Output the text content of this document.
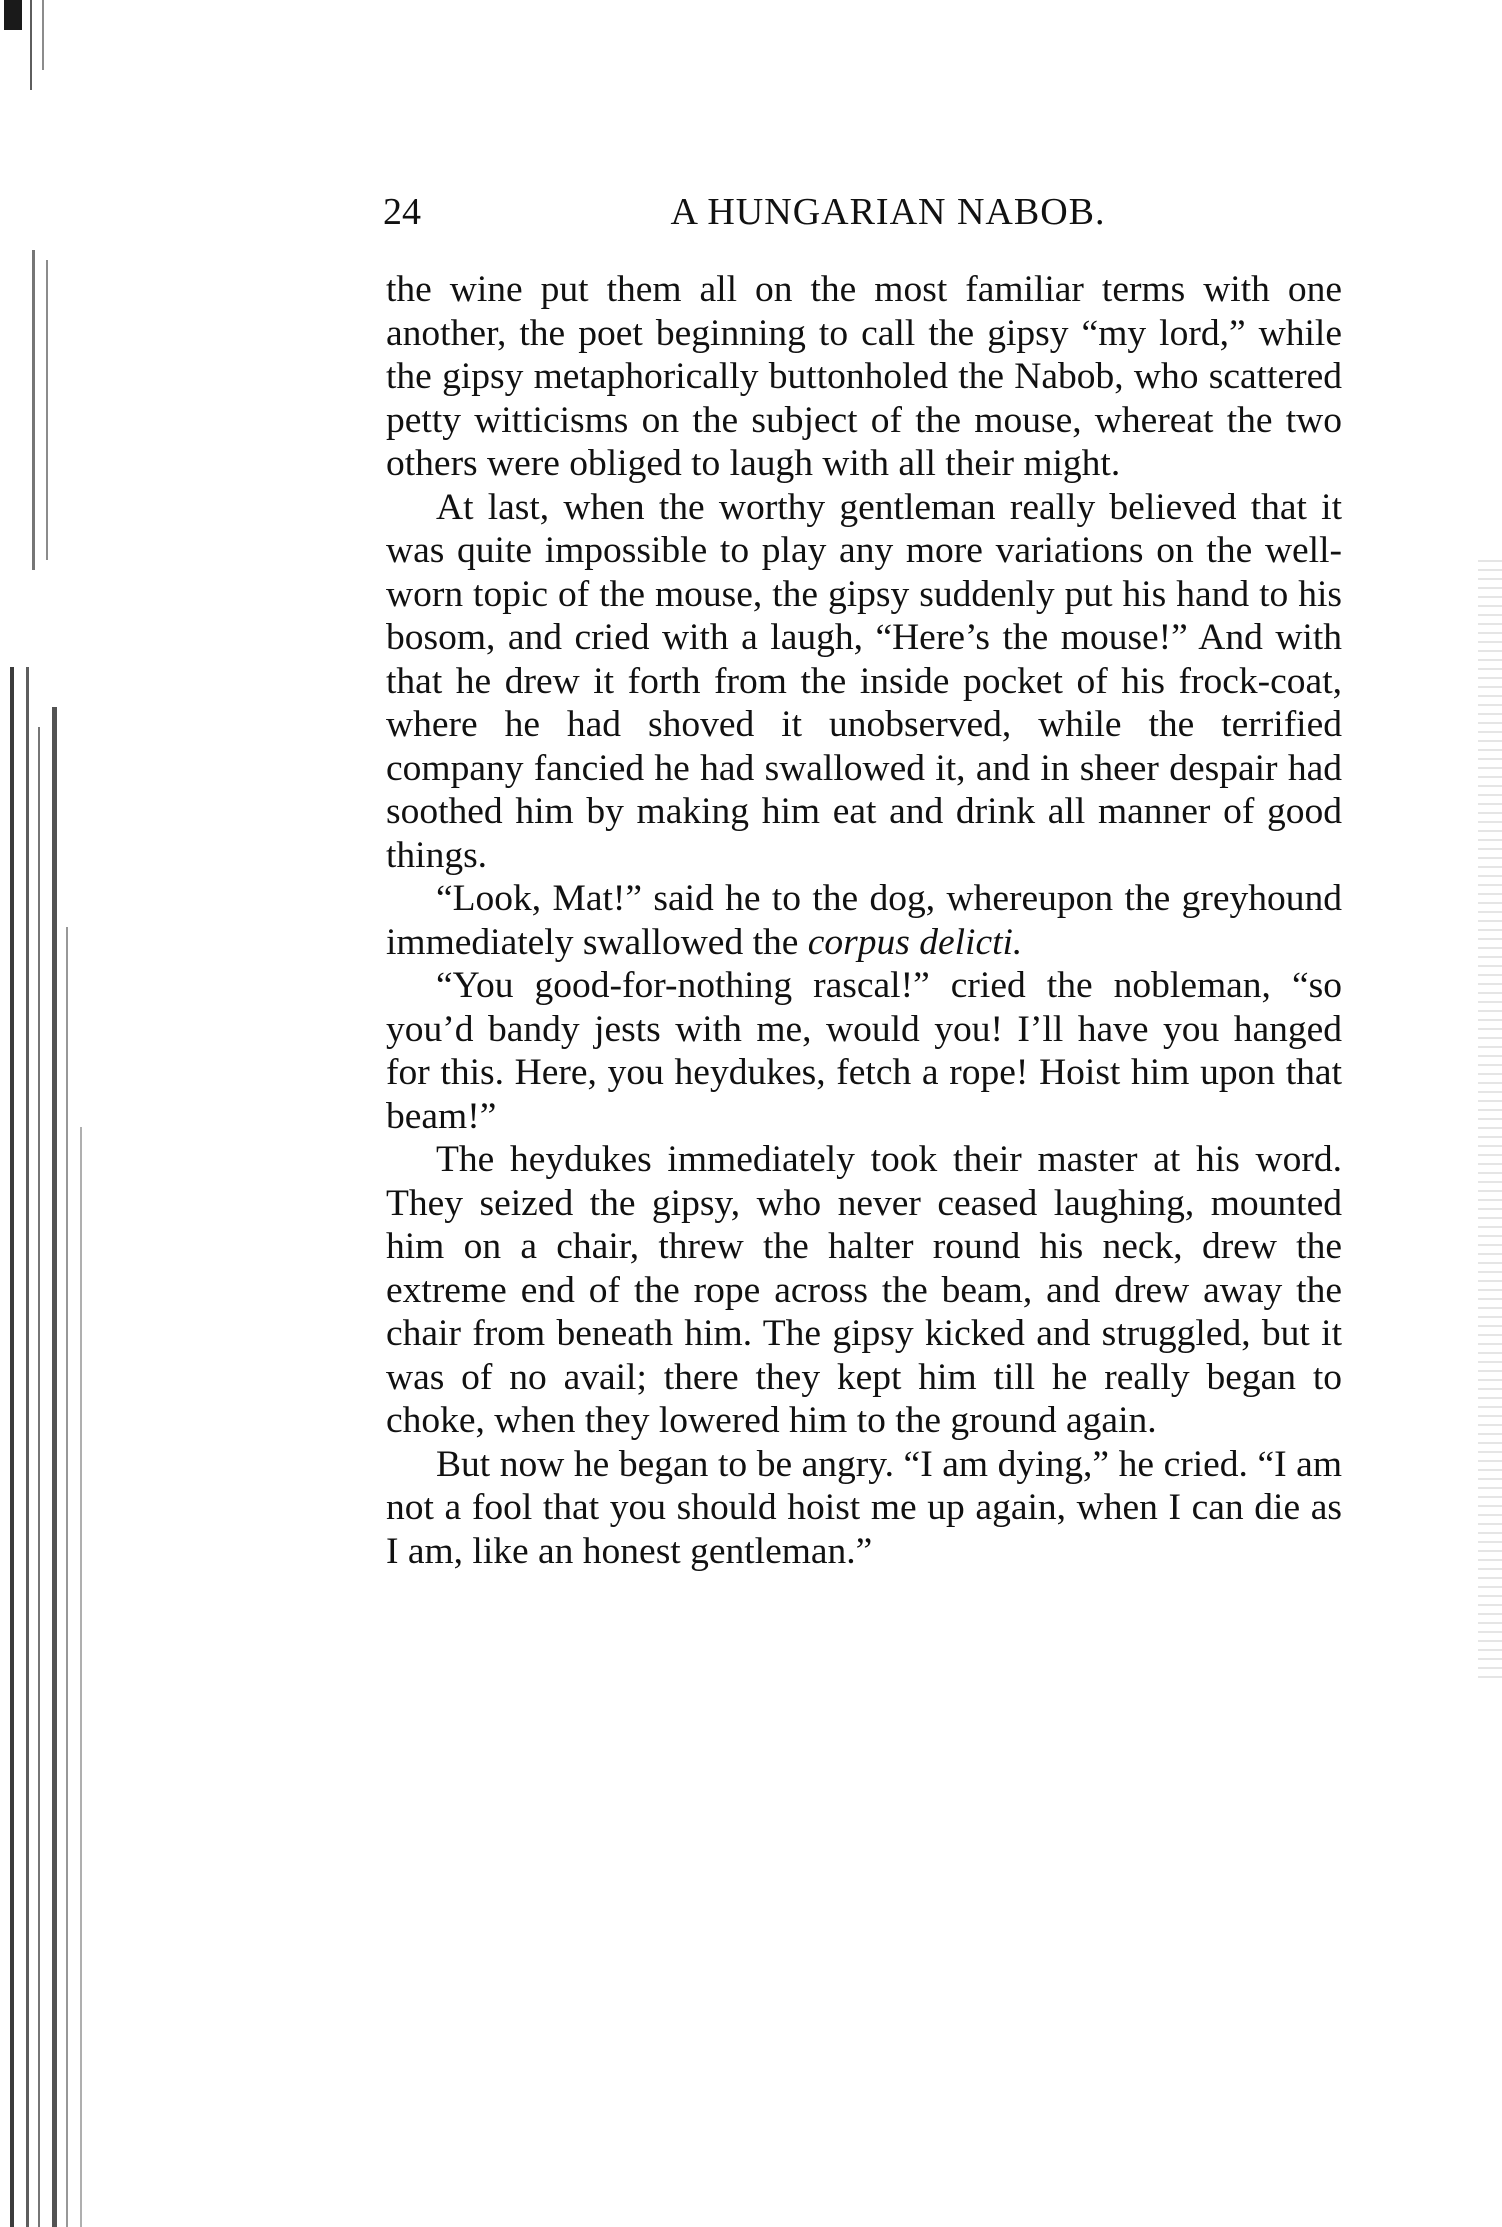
24	A HUNGARIAN NABOB.

the wine put them all on the most familiar terms with one another, the poet beginning to call the gipsy “my lord,” while the gipsy metaphorically buttonholed the Nabob, who scattered petty witticisms on the subject of the mouse, whereat the two others were obliged to laugh with all their might.

At last, when the worthy gentleman really believed that it was quite impossible to play any more variations on the well-worn topic of the mouse, the gipsy suddenly put his hand to his bosom, and cried with a laugh, “Here’s the mouse!” And with that he drew it forth from the inside pocket of his frock-coat, where he had shoved it unobserved, while the terrified company fancied he had swallowed it, and in sheer despair had soothed him by making him eat and drink all manner of good things.

“Look, Mat!” said he to the dog, whereupon the greyhound immediately swallowed the corpus delicti.

“You good-for-nothing rascal!” cried the nobleman, “so you’d bandy jests with me, would you! I’ll have you hanged for this. Here, you heydukes, fetch a rope! Hoist him upon that beam!”

The heydukes immediately took their master at his word. They seized the gipsy, who never ceased laughing, mounted him on a chair, threw the halter round his neck, drew the extreme end of the rope across the beam, and drew away the chair from beneath him. The gipsy kicked and struggled, but it was of no avail; there they kept him till he really began to choke, when they lowered him to the ground again.

But now he began to be angry. “I am dying,” he cried. “I am not a fool that you should hoist me up again, when I can die as I am, like an honest gentleman.”
